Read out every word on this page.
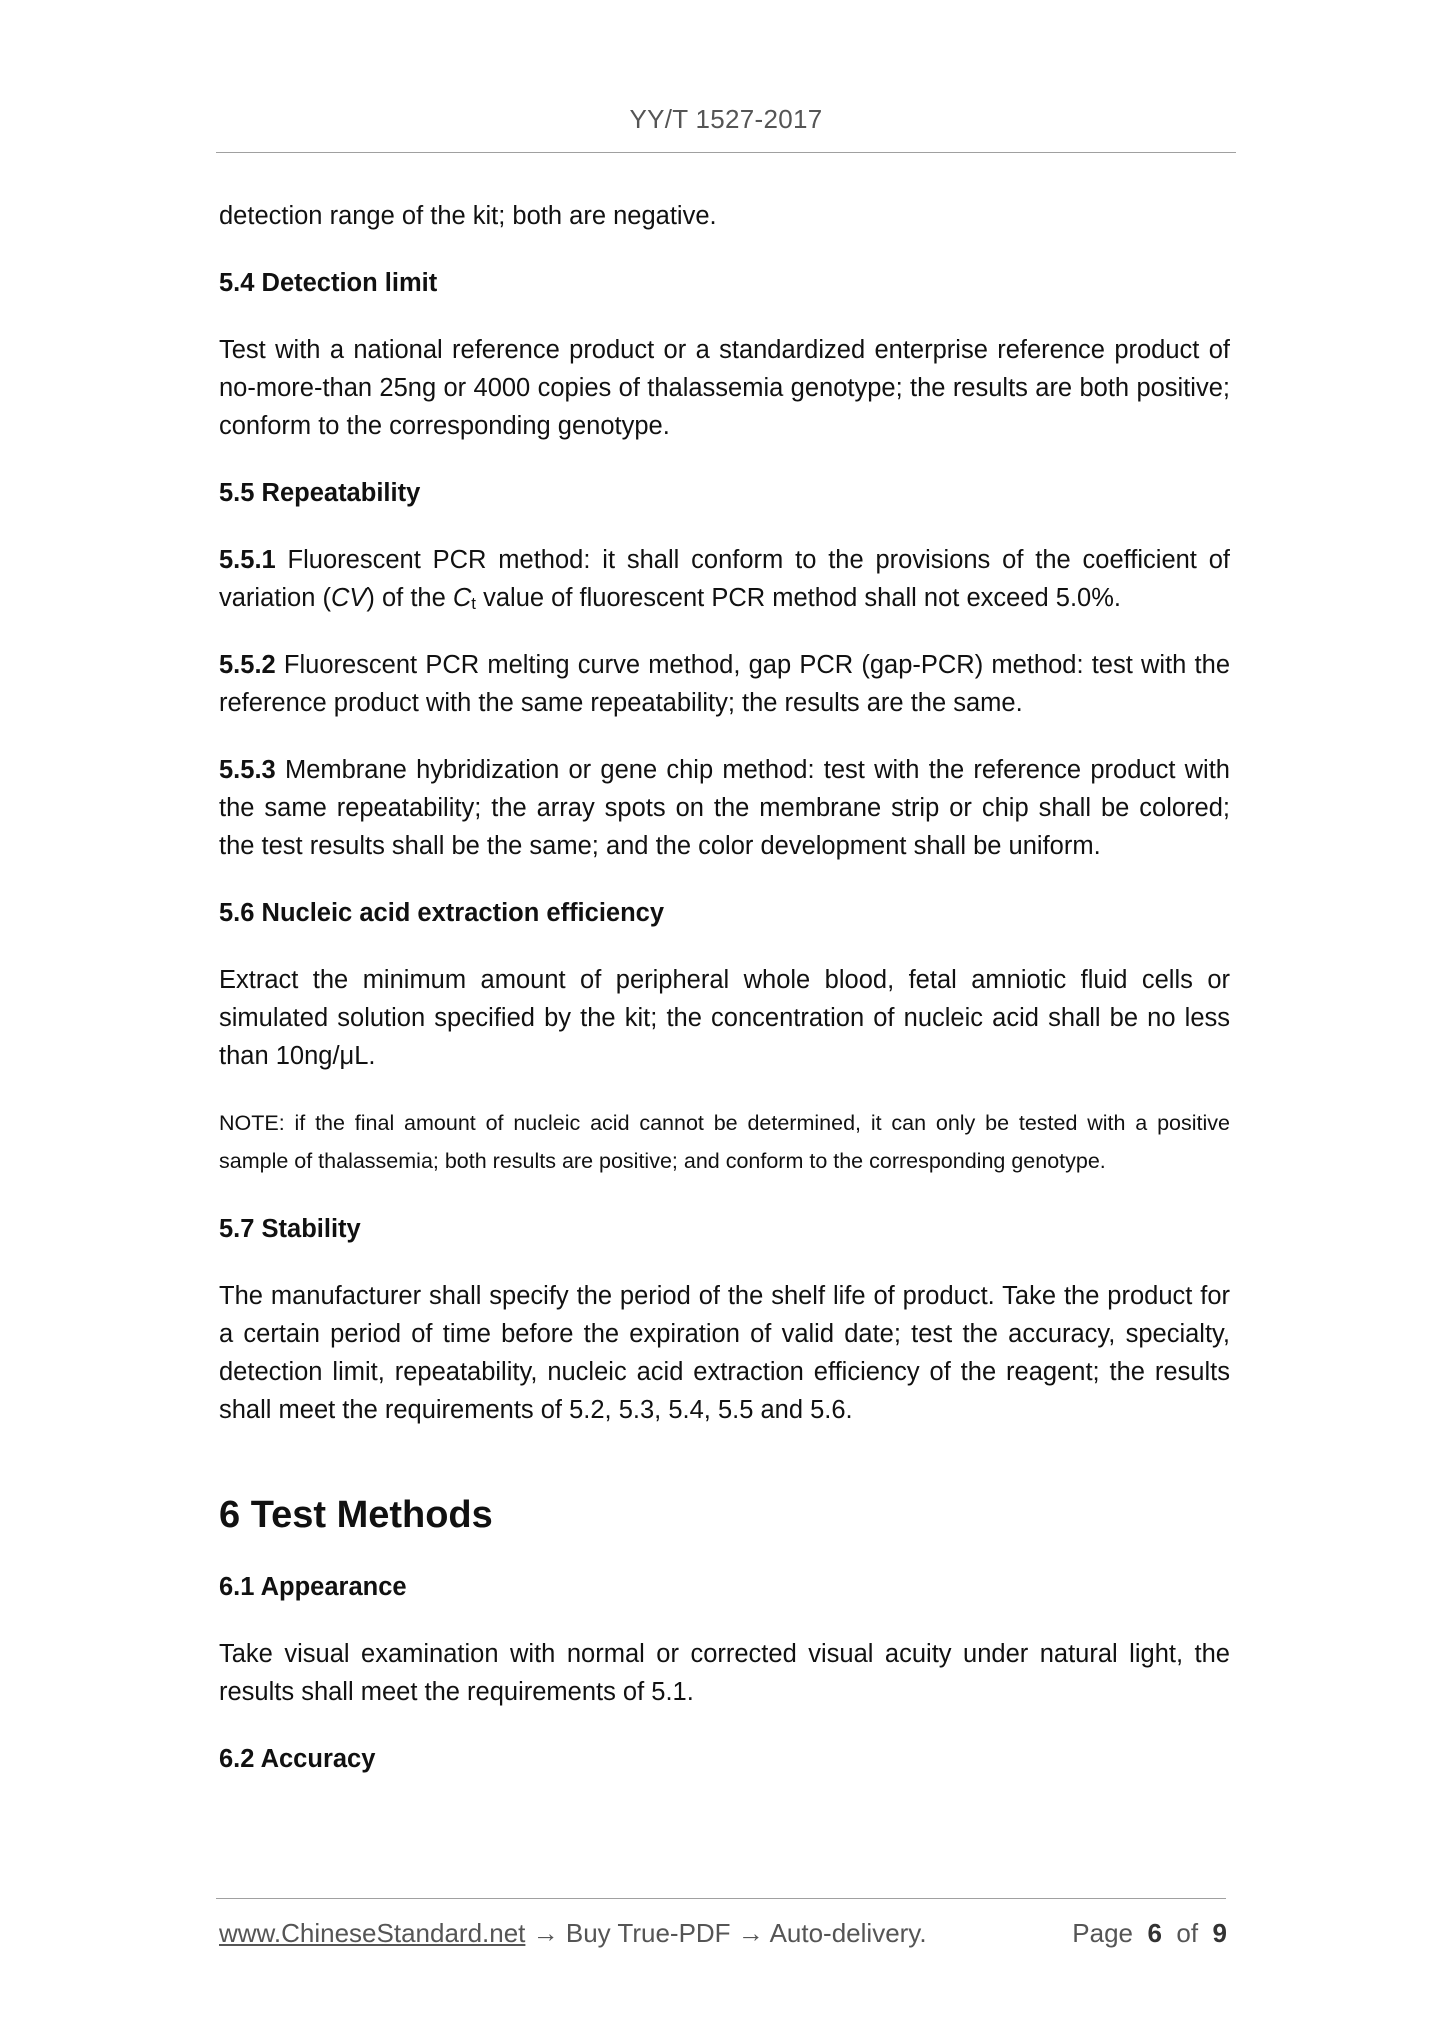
YY/T 1527-2017

detection range of the kit; both are negative.

5.4 Detection limit

Test with a national reference product or a standardized enterprise reference product of no-more-than 25ng or 4000 copies of thalassemia genotype; the results are both positive; conform to the corresponding genotype.

5.5 Repeatability

5.5.1 Fluorescent PCR method: it shall conform to the provisions of the coefficient of variation (CV) of the $C_t$ value of fluorescent PCR method shall not exceed 5.0%.

5.5.2 Fluorescent PCR melting curve method, gap PCR (gap-PCR) method: test with the reference product with the same repeatability; the results are the same.

5.5.3 Membrane hybridization or gene chip method: test with the reference product with the same repeatability; the array spots on the membrane strip or chip shall be colored; the test results shall be the same; and the color development shall be uniform.

5.6 Nucleic acid extraction efficiency

Extract the minimum amount of peripheral whole blood, fetal amniotic fluid cells or simulated solution specified by the kit; the concentration of nucleic acid shall be no less than 10ng/μL.

NOTE: if the final amount of nucleic acid cannot be determined, it can only be tested with a positive sample of thalassemia; both results are positive; and conform to the corresponding genotype.

5.7 Stability

The manufacturer shall specify the period of the shelf life of product. Take the product for a certain period of time before the expiration of valid date; test the accuracy, specialty, detection limit, repeatability, nucleic acid extraction efficiency of the reagent; the results shall meet the requirements of 5.2, 5.3, 5.4, 5.5 and 5.6.

6 Test Methods
6.1 Appearance

Take visual examination with normal or corrected visual acuity under natural light, the results shall meet the requirements of 5.1.

6.2 Accuracy
www.ChineseStandard.net → Buy True-PDF → Auto-delivery.	Page 6 of 9
